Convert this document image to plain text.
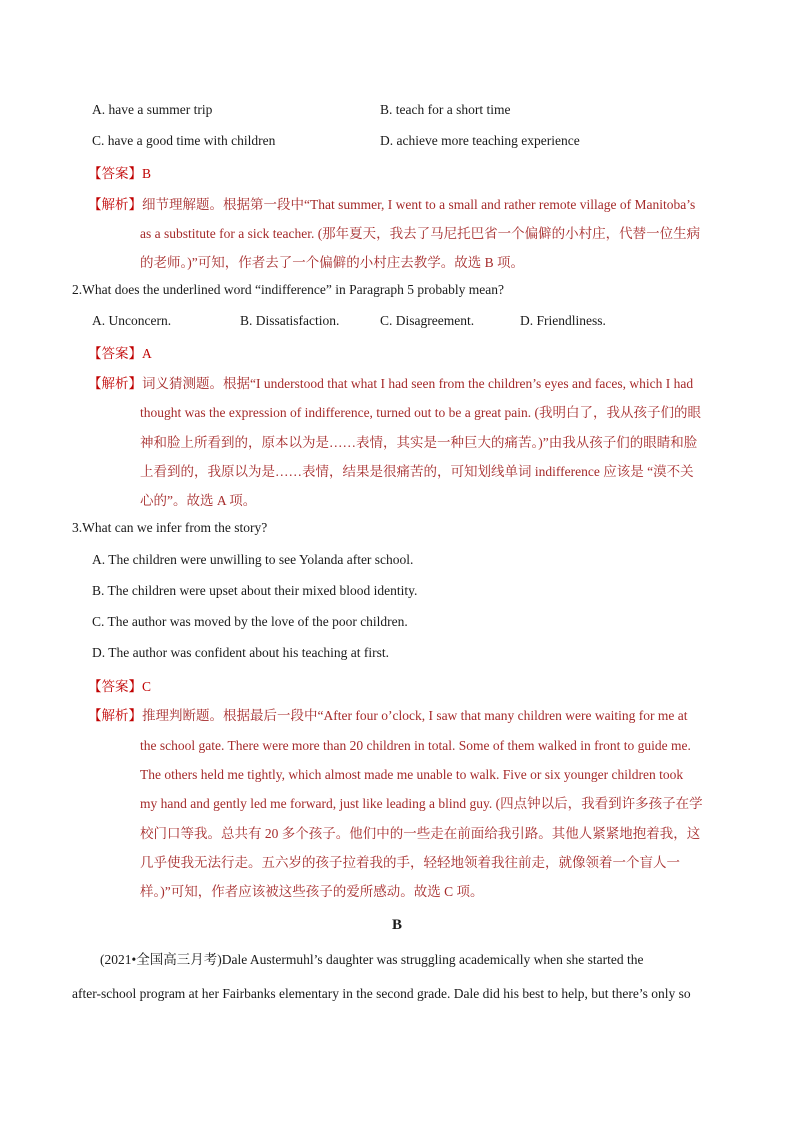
A. have a summer trip	B. teach for a short time
C. have a good time with children	D. achieve more teaching experience
【答案】B
【解析】细节理解题。根据第一段中“That summer, I went to a small and rather remote village of Manitoba’s
as a substitute for a sick teacher. (那年夏天，我去了马尼托巴省一个偏僻的小村庄，代替一位生病
的老师。)”可知，作者去了一个偏僻的小村庄去教学。故选 B 项。
2.What does the underlined word “indifference” in Paragraph 5 probably mean?
A. Unconcern.	B. Dissatisfaction.	C. Disagreement.	D. Friendliness.
【答案】A
【解析】词义猜测题。根据“I understood that what I had seen from the children’s eyes and faces, which I had
thought was the expression of indifference, turned out to be a great pain. (我明白了，我从孩子们的眼
神和脸上所看到的，原本以为是……表情，其实是一种巨大的痛苦。)”由我从孩子们的眼睛和脸
上看到的，我原以为是……表情，结果是很痛苦的，可知划线单词 indifference 应该是 “漠不关
心的”。故选 A 项。
3.What can we infer from the story?
A. The children were unwilling to see Yolanda after school.
B. The children were upset about their mixed blood identity.
C. The author was moved by the love of the poor children.
D. The author was confident about his teaching at first.
【答案】C
【解析】推理判断题。根据最后一段中“After four o’clock, I saw that many children were waiting for me at
the school gate. There were more than 20 children in total. Some of them walked in front to guide me.
The others held me tightly, which almost made me unable to walk. Five or six younger children took
my hand and gently led me forward, just like leading a blind guy. (四点钟以后，我看到许多孩子在学
校门口等我。总共有 20 多个孩子。他们中的一些走在前面给我引路。其他人紧紧地抱着我，这
几乎使我无法行走。五六岁的孩子拉着我的手，轻轻地领着我往前走，就像领着一个盲人一
样。)”可知，作者应该被这些孩子的爱所感动。故选 C 项。
B
(2021•全国高三月考)Dale Austermuhl’s daughter was struggling academically when she started the
after-school program at her Fairbanks elementary in the second grade. Dale did his best to help, but there’s only so
